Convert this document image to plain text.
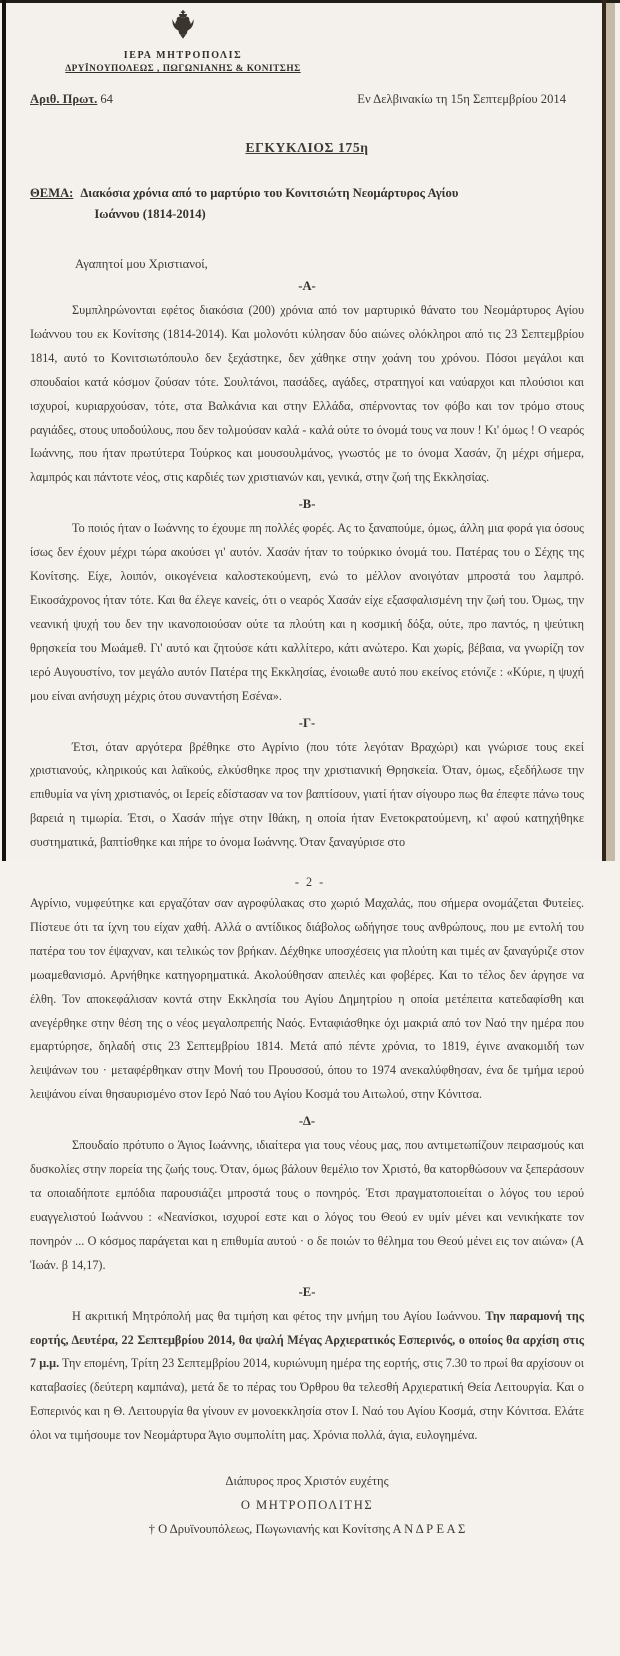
ΙΕΡΑ ΜΗΤΡΟΠΟΛΙΣ
ΔΡΥΪΝΟΥΠΟΛΕΩΣ , ΠΩΓΩΝΙΑΝΗΣ & ΚΟΝΙΤΣΗΣ
Αριθ. Πρωτ. 64	Εν Δελβινακίω τη 15η Σεπτεμβρίου 2014
ΕΓΚΥΚΛΙΟΣ 175η
ΘΕΜΑ: Διακόσια χρόνια από το μαρτύριο του Κονιτσιώτη Νεομάρτυρος Αγίου
Ιωάννου (1814-2014)
Αγαπητοί μου Χριστιανοί,
-Α-

Συμπληρώνονται εφέτος διακόσια (200) χρόνια από τον μαρτυρικό θάνατο του Νεομάρτυρος Αγίου Ιωάννου του εκ Κονίτσης (1814-2014). Και μολονότι κύλησαν δύο αιώνες ολόκληροι από τις 23 Σεπτεμβρίου 1814, αυτό το Κονιτσιωτόπουλο δεν ξεχάστηκε, δεν χάθηκε στην χοάνη του χρόνου. Πόσοι μεγάλοι και σπουδαίοι κατά κόσμον ζούσαν τότε. Σουλτάνοι, πασάδες, αγάδες, στρατηγοί και ναύαρχοι και πλούσιοι και ισχυροί, κυριαρχούσαν, τότε, στα Βαλκάνια και στην Ελλάδα, σπέρνοντας τον φόβο και τον τρόμο στους ραγιάδες, στους υποδούλους, που δεν τολμούσαν καλά - καλά ούτε το όνομά τους να πουν ! Κι' όμως ! Ο νεαρός Ιωάννης, που ήταν πρωτύτερα Τούρκος και μουσουλμάνος, γνωστός με το όνομα Χασάν, ζη μέχρι σήμερα, λαμπρός και πάντοτε νέος, στις καρδιές των χριστιανών και, γενικά, στην ζωή της Εκκλησίας.

-Β-

Το ποιός ήταν ο Ιωάννης το έχουμε πη πολλές φορές. Ας το ξαναπούμε, όμως, άλλη μια φορά για όσους ίσως δεν έχουν μέχρι τώρα ακούσει γι' αυτόν. Χασάν ήταν το τούρκικο όνομά του. Πατέρας του ο Σέχης της Κονίτσης. Είχε, λοιπόν, οικογένεια καλοστεκούμενη, ενώ το μέλλον ανοιγόταν μπροστά του λαμπρό. Εικοσάχρονος ήταν τότε. Και θα έλεγε κανείς, ότι ο νεαρός Χασάν είχε εξασφαλισμένη την ζωή του. Όμως, την νεανική ψυχή του δεν την ικανοποιούσαν ούτε τα πλούτη και η κοσμική δόξα, ούτε, προ παντός, η ψεύτικη θρησκεία του Μωάμεθ. Γι' αυτό και ζητούσε κάτι καλλίτερο, κάτι ανώτερο. Και χωρίς, βέβαια, να γνωρίζη τον ιερό Αυγουστίνο, τον μεγάλο αυτόν Πατέρα της Εκκλησίας, ένοιωθε αυτό που εκείνος ετόνιζε : «Κύριε, η ψυχή μου είναι ανήσυχη μέχρις ότου συναντήση Εσένα».

-Γ-

Έτσι, όταν αργότερα βρέθηκε στο Αγρίνιο (που τότε λεγόταν Βραχώρι) και γνώρισε τους εκεί χριστιανούς, κληρικούς και λαϊκούς, ελκύσθηκε προς την χριστιανική Θρησκεία. Όταν, όμως, εξεδήλωσε την επιθυμία να γίνη χριστιανός, οι Ιερείς εδίστασαν να τον βαπτίσουν, γιατί ήταν σίγουρο πως θα έπεφτε πάνω τους βαρειά η τιμωρία. Έτσι, ο Χασάν πήγε στην Ιθάκη, η οποία ήταν Ενετοκρατούμενη, κι' αφού κατηχήθηκε συστηματικά, βαπτίσθηκε και πήρε το όνομα Ιωάννης. Όταν ξαναγύρισε στο

- 2 -

Αγρίνιο, νυμφεύτηκε και εργαζόταν σαν αγροφύλακας στο χωριό Μαχαλάς, που σήμερα ονομάζεται Φυτείες. Πίστευε ότι τα ίχνη του είχαν χαθή. Αλλά ο αντίδικος διάβολος ωδήγησε τους ανθρώπους, που με εντολή του πατέρα του τον έψαχναν, και τελικώς τον βρήκαν. Δέχθηκε υποσχέσεις για πλούτη και τιμές αν ξαναγύριζε στον μωαμεθανισμό. Αρνήθηκε κατηγορηματικά. Ακολούθησαν απειλές και φοβέρες. Και το τέλος δεν άργησε να έλθη. Τον αποκεφάλισαν κοντά στην Εκκλησία του Αγίου Δημητρίου η οποία μετέπειτα κατεδαφίσθη και ανεγέρθηκε στην θέση της ο νέος μεγαλοπρεπής Ναός. Ενταφιάσθηκε όχι μακριά από τον Ναό την ημέρα που εμαρτύρησε, δηλαδή στις 23 Σεπτεμβρίου 1814. Μετά από πέντε χρόνια, το 1819, έγινε ανακομιδή των λειψάνων του · μεταφέρθηκαν στην Μονή του Προυσσού, όπου το 1974 ανεκαλύφθησαν, ένα δε τμήμα ιερού λειψάνου είναι θησαυρισμένο στον Ιερό Ναό του Αγίου Κοσμά του Αιτωλού, στην Κόνιτσα.

-Δ-

Σπουδαίο πρότυπο ο Άγιος Ιωάννης, ιδιαίτερα για τους νέους μας, που αντιμετωπίζουν πειρασμούς και δυσκολίες στην πορεία της ζωής τους. Όταν, όμως βάλουν θεμέλιο τον Χριστό, θα κατορθώσουν να ξεπεράσουν τα οποιαδήποτε εμπόδια παρουσιάζει μπροστά τους ο πονηρός. Έτσι πραγματοποιείται ο λόγος του ιερού ευαγγελιστού Ιωάννου : «Νεανίσκοι, ισχυροί εστε και ο λόγος του Θεού εν υμίν μένει και νενικήκατε τον πονηρόν ... Ο κόσμος παράγεται και η επιθυμία αυτού · ο δε ποιών το θέλημα του Θεού μένει εις τον αιώνα» (Α Ἰωάν. β 14,17).

-Ε-

Η ακριτική Μητρόπολή μας θα τιμήση και φέτος την μνήμη του Αγίου Ιωάννου. Την παραμονή της εορτής, Δευτέρα, 22 Σεπτεμβρίου 2014, θα ψαλή Μέγας Αρχιερατικός Εσπερινός, ο οποίος θα αρχίση στις 7 μ.μ. Την επομένη, Τρίτη 23 Σεπτεμβρίου 2014, κυριώνυμη ημέρα της εορτής, στις 7.30 το πρωί θα αρχίσουν οι καταβασίες (δεύτερη καμπάνα), μετά δε το πέρας του Όρθρου θα τελεσθή Αρχιερατική Θεία Λειτουργία. Και ο Εσπερινός και η Θ. Λειτουργία θα γίνουν εν μονοεκκλησία στον Ι. Ναό του Αγίου Κοσμά, στην Κόνιτσα. Ελάτε όλοι να τιμήσουμε τον Νεομάρτυρα Άγιο συμπολίτη μας. Χρόνια πολλά, άγια, ευλογημένα.

Διάπυρος προς Χριστόν ευχέτης
Ο ΜΗΤΡΟΠΟΛΙΤΗΣ
† Ο Δρυϊνουπόλεως, Πωγωνιανής και Κονίτσης Α Ν Δ Ρ Ε Α Σ
